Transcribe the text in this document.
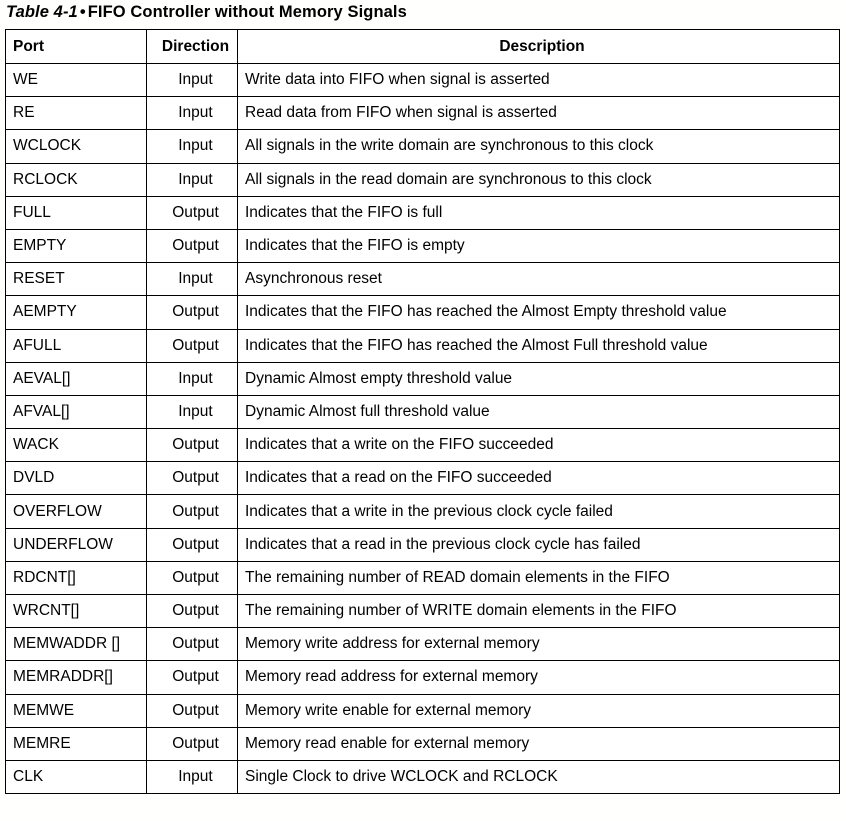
Table 4-1 • FIFO Controller without Memory Signals
Port	Direction	Description
WE	Input	Write data into FIFO when signal is asserted
RE	Input	Read data from FIFO when signal is asserted
WCLOCK	Input	All signals in the write domain are synchronous to this clock
RCLOCK	Input	All signals in the read domain are synchronous to this clock
FULL	Output	Indicates that the FIFO is full
EMPTY	Output	Indicates that the FIFO is empty
RESET	Input	Asynchronous reset
AEMPTY	Output	Indicates that the FIFO has reached the Almost Empty threshold value
AFULL	Output	Indicates that the FIFO has reached the Almost Full threshold value
AEVAL[]	Input	Dynamic Almost empty threshold value
AFVAL[]	Input	Dynamic Almost full threshold value
WACK	Output	Indicates that a write on the FIFO succeeded
DVLD	Output	Indicates that a read on the FIFO succeeded
OVERFLOW	Output	Indicates that a write in the previous clock cycle failed
UNDERFLOW	Output	Indicates that a read in the previous clock cycle has failed
RDCNT[]	Output	The remaining number of READ domain elements in the FIFO
WRCNT[]	Output	The remaining number of WRITE domain elements in the FIFO
MEMWADDR []	Output	Memory write address for external memory
MEMRADDR[]	Output	Memory read address for external memory
MEMWE	Output	Memory write enable for external memory
MEMRE	Output	Memory read enable for external memory
CLK	Input	Single Clock to drive WCLOCK and RCLOCK
